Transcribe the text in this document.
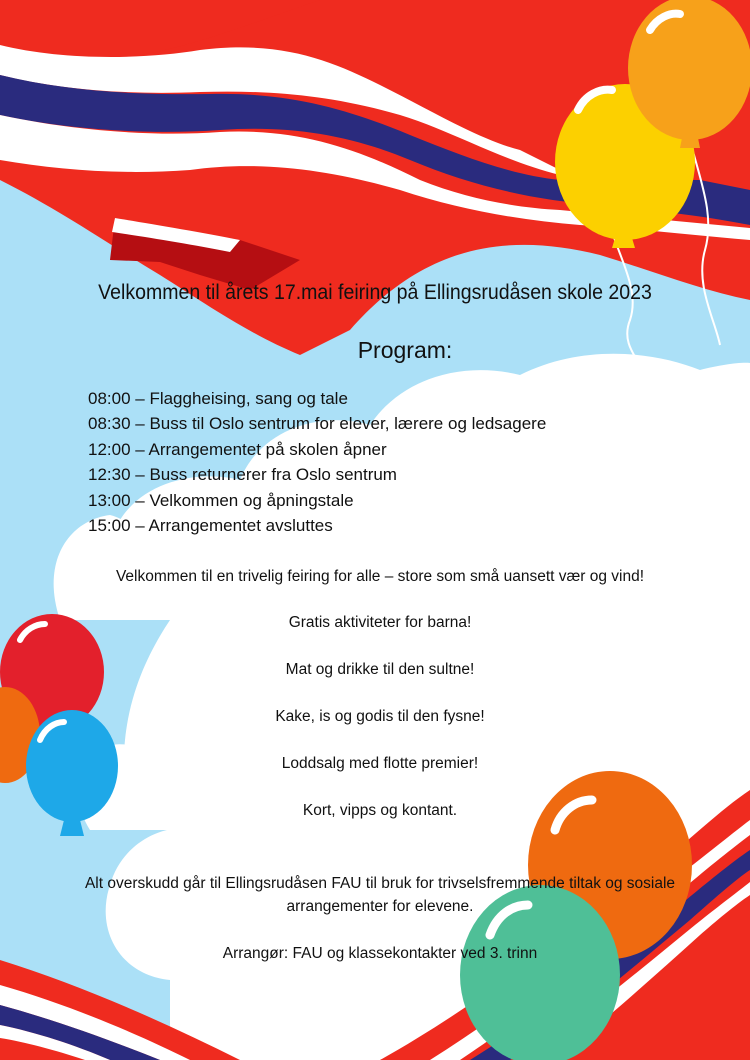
Velkommen til årets 17.mai feiring på Ellingsrudåsen skole 2023
Program:
08:00 – Flaggheising, sang og tale
08:30 – Buss til Oslo sentrum for elever, lærere og ledsagere
12:00 – Arrangementet på skolen åpner
12:30 – Buss returnerer fra Oslo sentrum
13:00 – Velkommen og åpningstale
15:00 – Arrangementet avsluttes

Velkommen til en trivelig feiring for alle – store som små uansett vær og vind!

Gratis aktiviteter for barna!

Mat og drikke til den sultne!

Kake, is og godis til den fysne!

Loddsalg med flotte premier!

Kort, vipps og kontant.

Alt overskudd går til Ellingsrudåsen FAU til bruk for trivselsfremmende tiltak og sosiale

arrangementer for elevene.

Arrangør: FAU og klassekontakter ved 3. trinn
